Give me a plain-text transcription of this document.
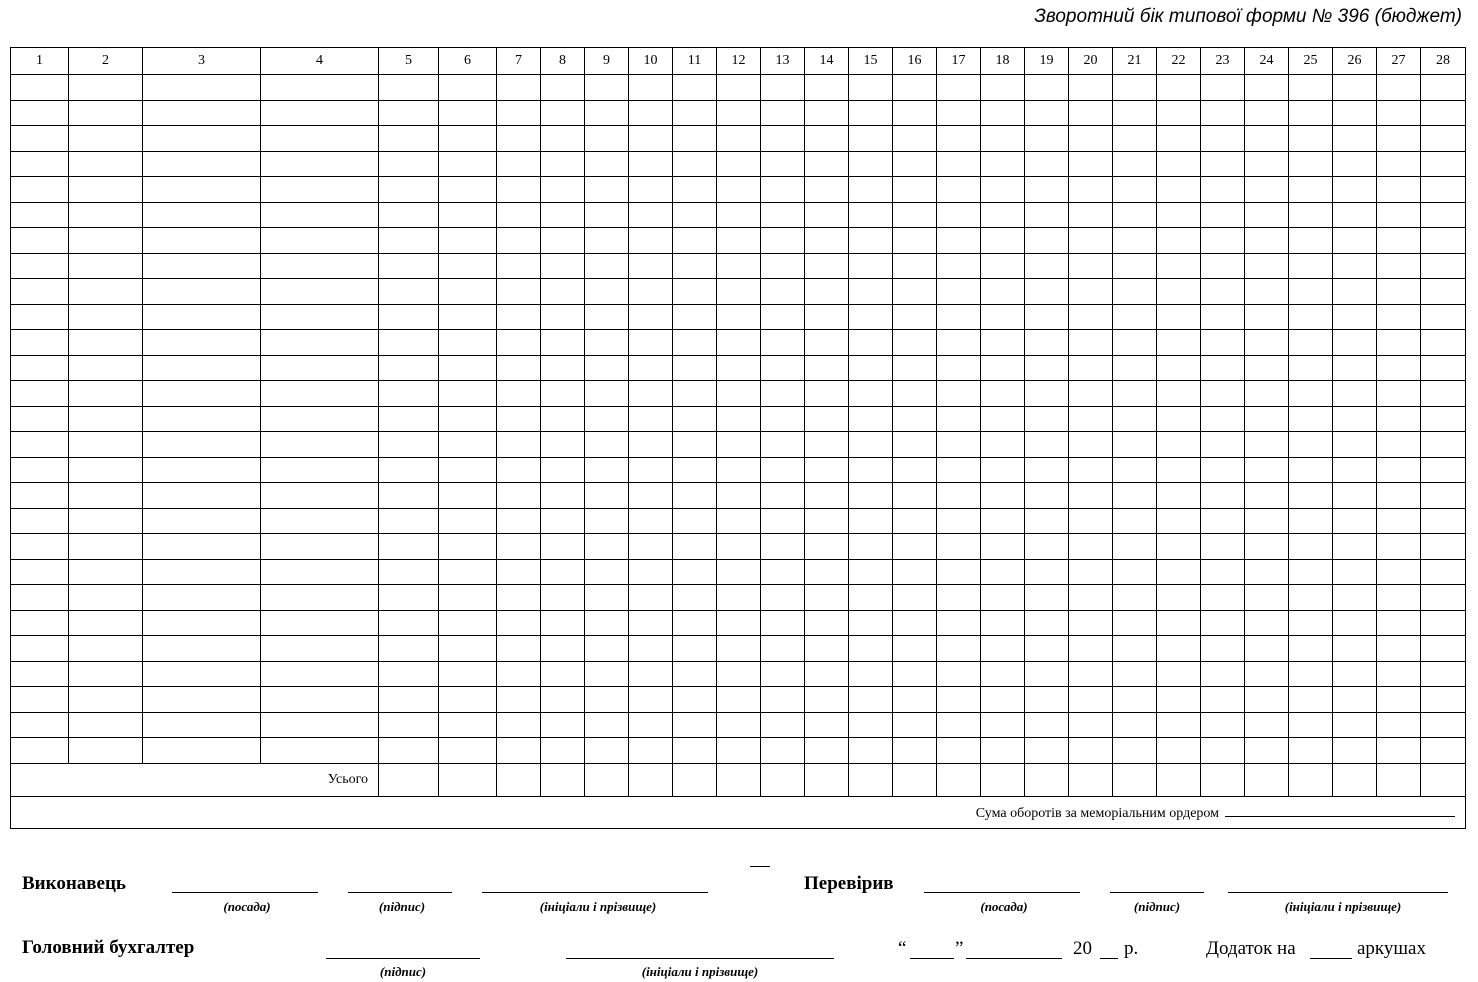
Зворотний бік типової форми № 396 (бюджет)
1	2	3	4	5	6	7	8	9	10	11	12	13	14	15	16	17	18	19	20	21	22	23	24	25	26	27	28

Усього																											
Сума оборотів за меморіальним ордером																											
Виконавець
(посада)	(підпис)	(ініціали і прізвище)
Перевірив
(посада)	(підпис)	(ініціали і прізвище)
Головний бухгалтер
(підпис)	(ініціали і прізвище)
“	”	20 р.	Додаток на	аркушах
